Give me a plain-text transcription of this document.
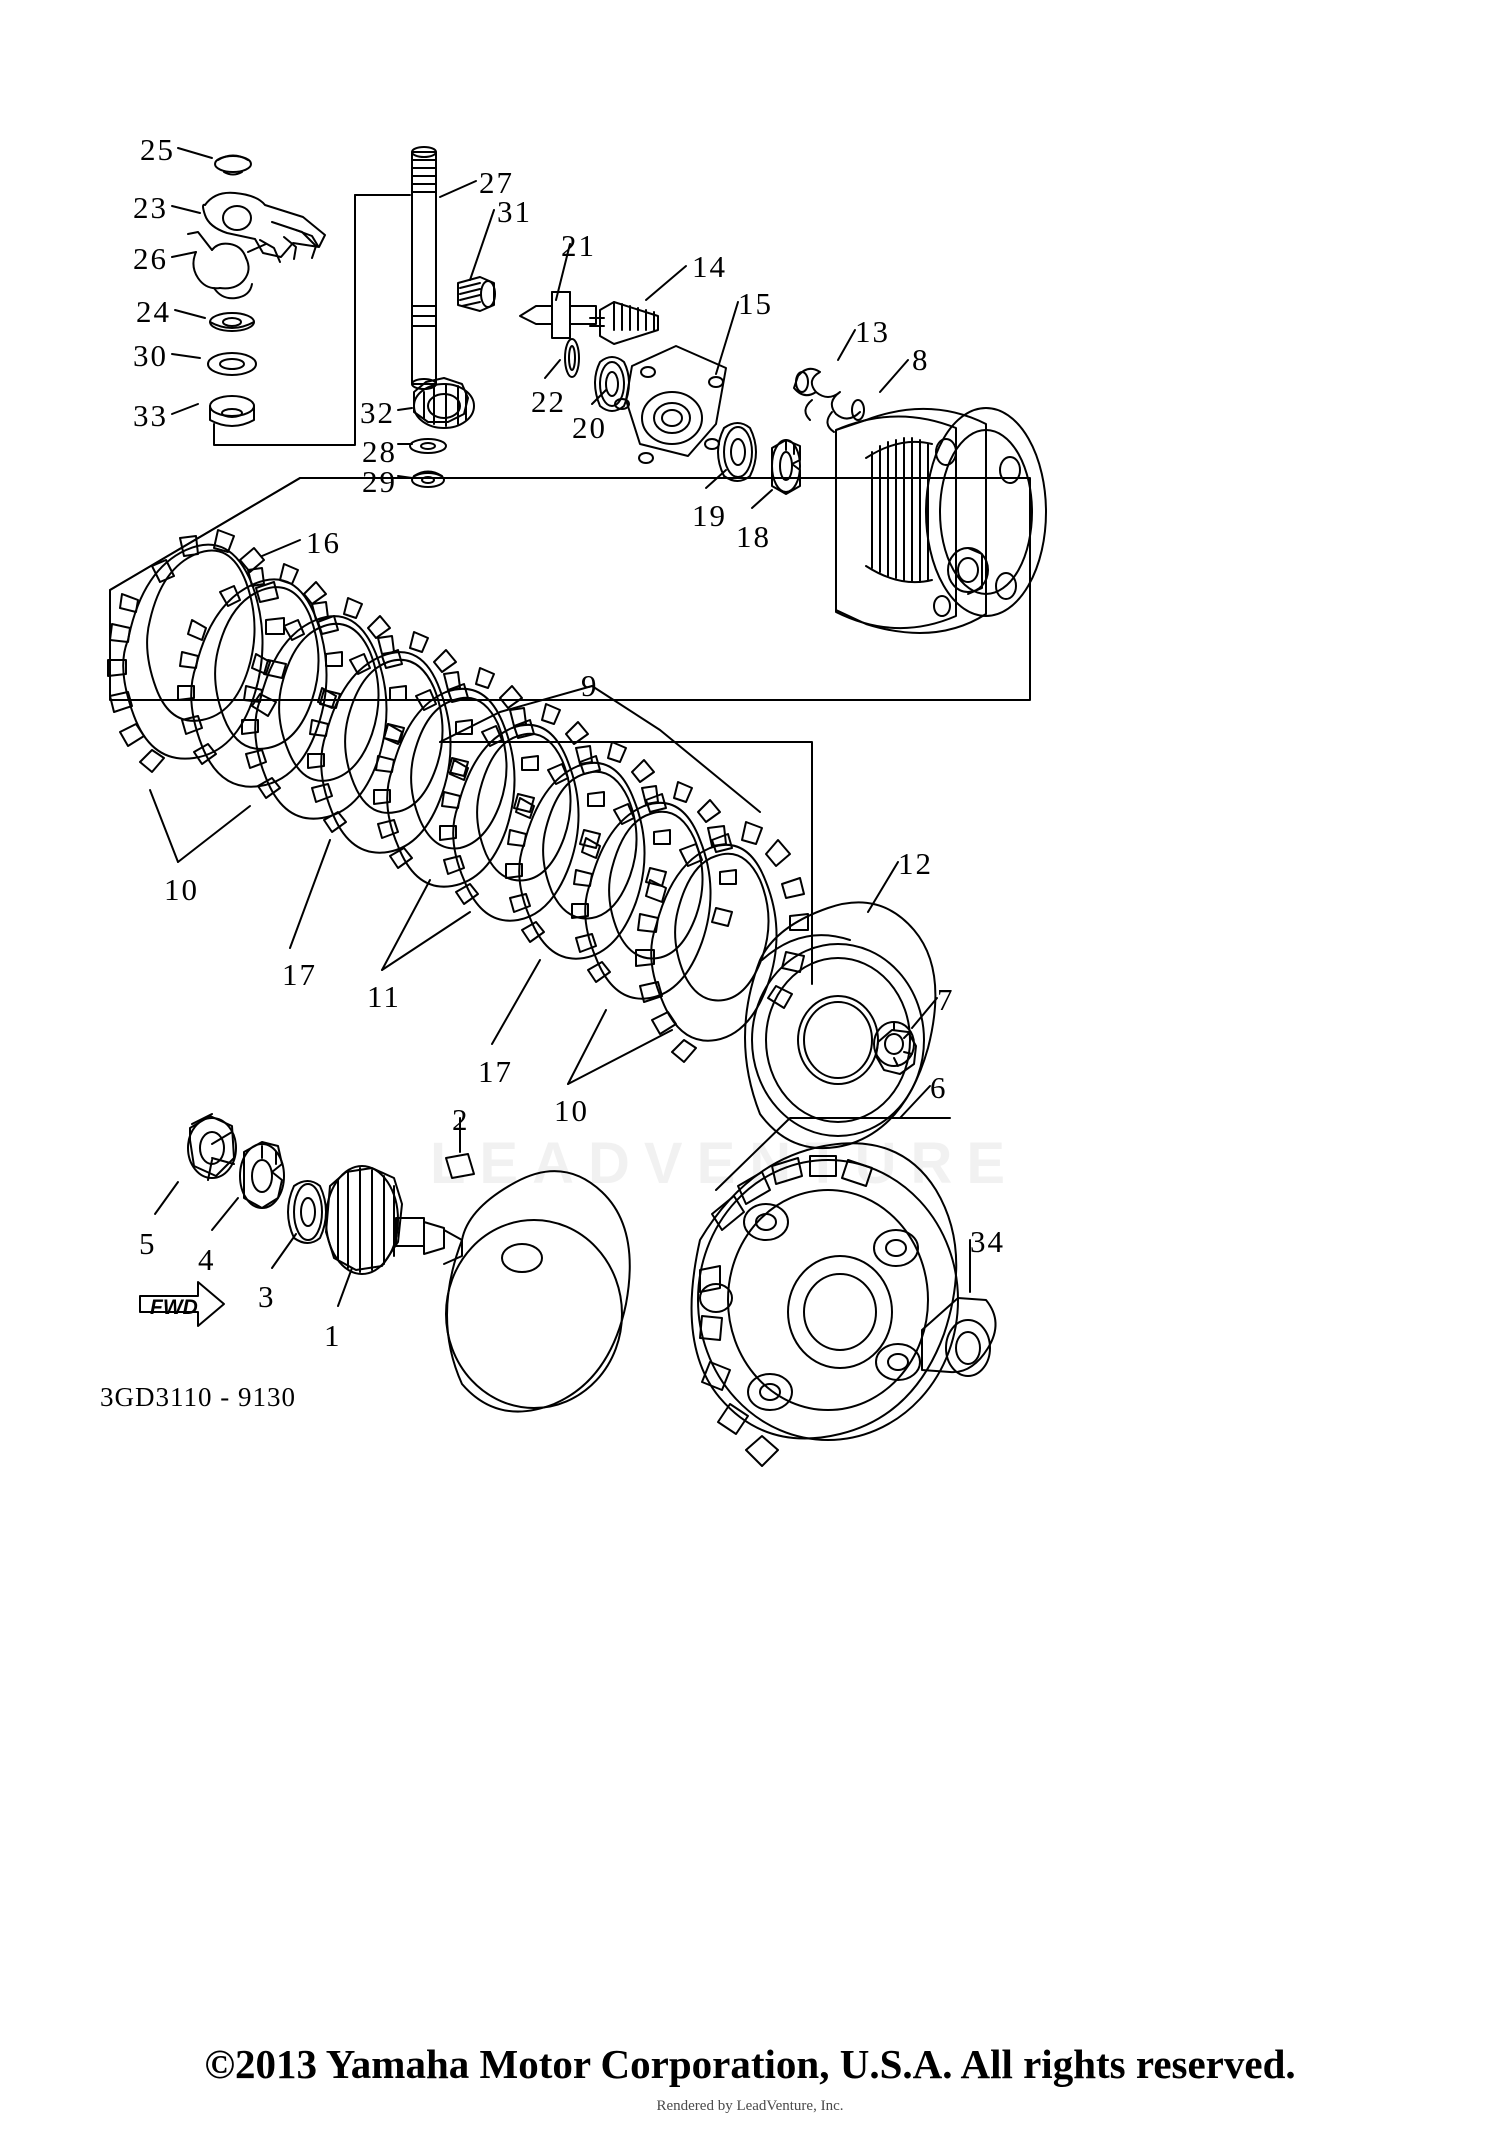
LEADVENTURE
25
23
27
31
26	21
14
15
24
13
30	8
33	32	22
20
28
29
19
18
16
9
10
12
17
11	7
17
10
6
2
5 4
34
3
1
FWD
3GD3110 - 9130
©2013 Yamaha Motor Corporation, U.S.A. All rights reserved.
Rendered by LeadVenture, Inc.
